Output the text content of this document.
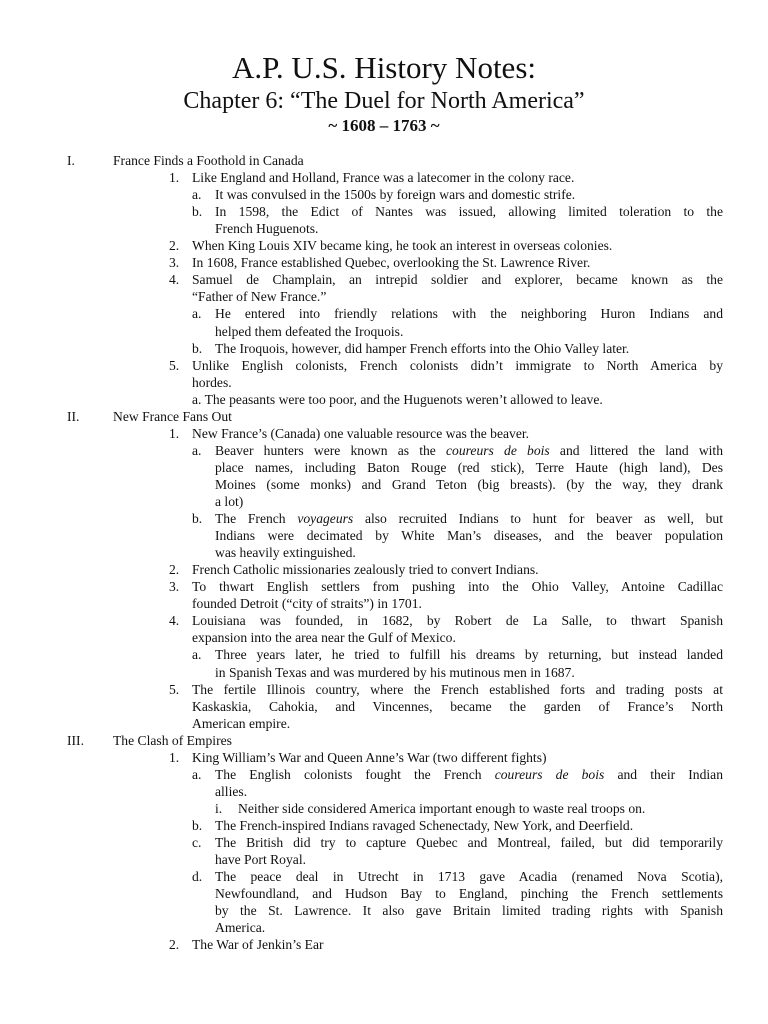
A.P. U.S. History Notes:
Chapter 6: “The Duel for North America”
~ 1608 – 1763 ~
I.	France Finds a Foothold in Canada
1. Like England and Holland, France was a latecomer in the colony race.
a. It was convulsed in the 1500s by foreign wars and domestic strife.
b. In 1598, the Edict of Nantes was issued, allowing limited toleration to the
French Huguenots.
2. When King Louis XIV became king, he took an interest in overseas colonies.
3. In 1608, France established Quebec, overlooking the St. Lawrence River.
4. Samuel de Champlain, an intrepid soldier and explorer, became known as the
“Father of New France.”
a. He entered into friendly relations with the neighboring Huron Indians and
helped them defeated the Iroquois.
b. The Iroquois, however, did hamper French efforts into the Ohio Valley later.
5. Unlike English colonists, French colonists didn’t immigrate to North America by
hordes.
a. The peasants were too poor, and the Huguenots weren’t allowed to leave.
II. New France Fans Out
1. New France’s (Canada) one valuable resource was the beaver.
a. Beaver hunters were known as the coureurs de bois and littered the land with
place names, including Baton Rouge (red stick), Terre Haute (high land), Des
Moines (some monks) and Grand Teton (big breasts). (by the way, they drank
a lot)
b. The French voyageurs also recruited Indians to hunt for beaver as well, but
Indians were decimated by White Man’s diseases, and the beaver population
was heavily extinguished.
2. French Catholic missionaries zealously tried to convert Indians.
3. To thwart English settlers from pushing into the Ohio Valley, Antoine Cadillac
founded Detroit (“city of straits”) in 1701.
4. Louisiana was founded, in 1682, by Robert de La Salle, to thwart Spanish
expansion into the area near the Gulf of Mexico.
a. Three years later, he tried to fulfill his dreams by returning, but instead landed
in Spanish Texas and was murdered by his mutinous men in 1687.
5. The fertile Illinois country, where the French established forts and trading posts at
Kaskaskia, Cahokia, and Vincennes, became the garden of France’s North
American empire.
III. The Clash of Empires
1. King William’s War and Queen Anne’s War (two different fights)
a. The English colonists fought the French coureurs de bois and their Indian
allies.
i. Neither side considered America important enough to waste real troops on.
b. The French-inspired Indians ravaged Schenectady, New York, and Deerfield.
c. The British did try to capture Quebec and Montreal, failed, but did temporarily
have Port Royal.
d. The peace deal in Utrecht in 1713 gave Acadia (renamed Nova Scotia),
Newfoundland, and Hudson Bay to England, pinching the French settlements
by the St. Lawrence. It also gave Britain limited trading rights with Spanish
America.
2. The War of Jenkin’s Ear
